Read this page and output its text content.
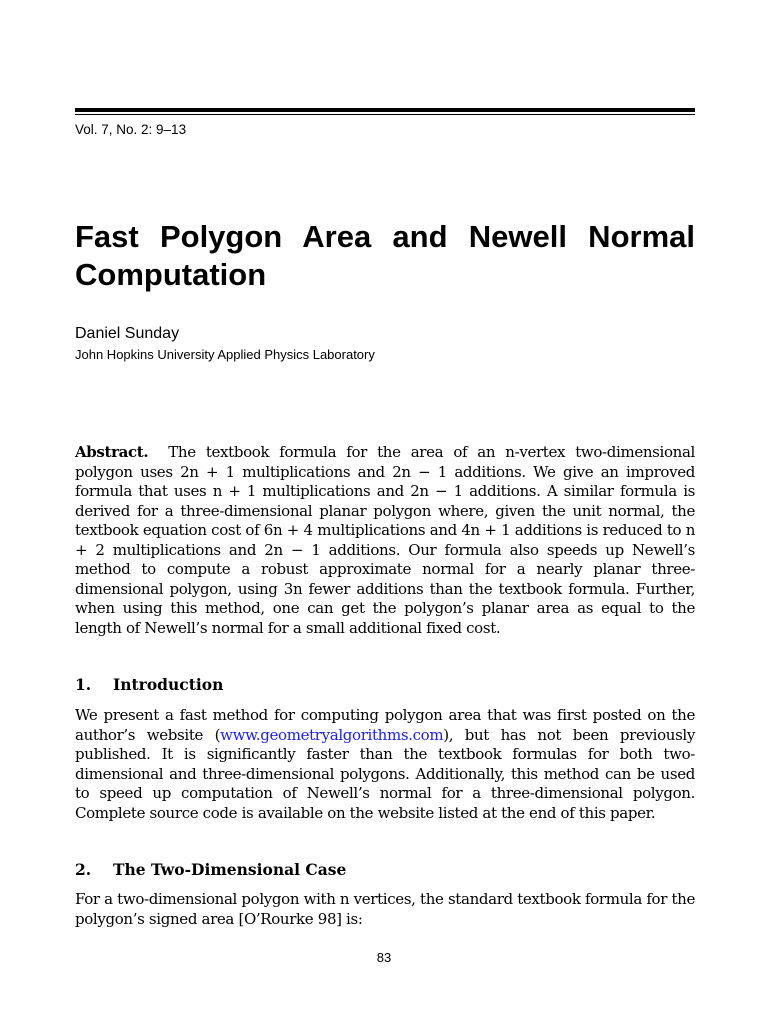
Vol. 7, No. 2: 9–13
Fast Polygon Area and Newell Normal Computation
Daniel Sunday
John Hopkins University Applied Physics Laboratory

Abstract. The textbook formula for the area of an n-vertex two-dimensional polygon uses 2n + 1 multiplications and 2n − 1 additions. We give an improved formula that uses n + 1 multiplications and 2n − 1 additions. A similar formula is derived for a three-dimensional planar polygon where, given the unit normal, the textbook equation cost of 6n + 4 multiplications and 4n + 1 additions is reduced to n + 2 multiplications and 2n − 1 additions. Our formula also speeds up Newell’s method to compute a robust approximate normal for a nearly planar three-dimensional polygon, using 3n fewer additions than the textbook formula. Further, when using this method, one can get the polygon’s planar area as equal to the length of Newell’s normal for a small additional fixed cost.

1. Introduction

We present a fast method for computing polygon area that was first posted on the author’s website (www.geometryalgorithms.com), but has not been previously published. It is significantly faster than the textbook formulas for both two-dimensional and three-dimensional polygons. Additionally, this method can be used to speed up computation of Newell’s normal for a three-dimensional polygon. Complete source code is available on the website listed at the end of this paper.

2. The Two-Dimensional Case

For a two-dimensional polygon with n vertices, the standard textbook formula for the polygon’s signed area [O’Rourke 98] is:

83
